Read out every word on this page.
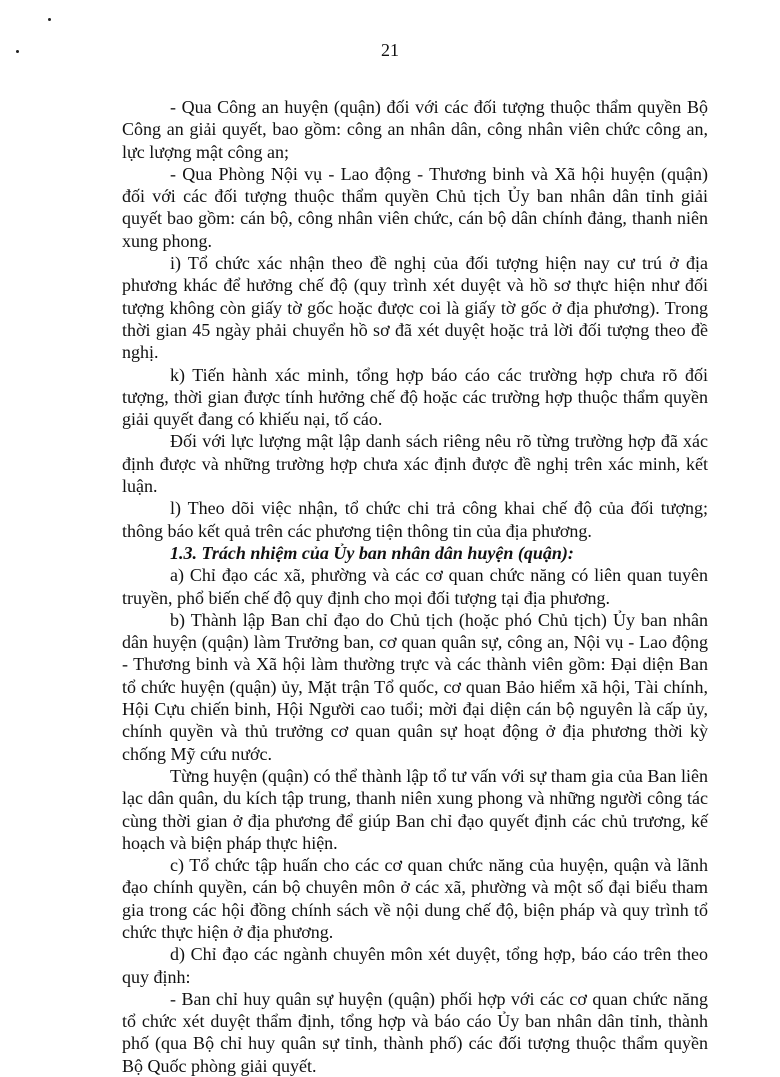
21

- Qua Công an huyện (quận) đối với các đối tượng thuộc thẩm quyền Bộ Công an giải quyết, bao gồm: công an nhân dân, công nhân viên chức công an, lực lượng mật công an;

- Qua Phòng Nội vụ - Lao động - Thương binh và Xã hội huyện (quận) đối với các đối tượng thuộc thẩm quyền Chủ tịch Ủy ban nhân dân tỉnh giải quyết bao gồm: cán bộ, công nhân viên chức, cán bộ dân chính đảng, thanh niên xung phong.

i) Tổ chức xác nhận theo đề nghị của đối tượng hiện nay cư trú ở địa phương khác để hưởng chế độ (quy trình xét duyệt và hồ sơ thực hiện như đối tượng không còn giấy tờ gốc hoặc được coi là giấy tờ gốc ở địa phương). Trong thời gian 45 ngày phải chuyển hồ sơ đã xét duyệt hoặc trả lời đối tượng theo đề nghị.

k) Tiến hành xác minh, tổng hợp báo cáo các trường hợp chưa rõ đối tượng, thời gian được tính hưởng chế độ hoặc các trường hợp thuộc thẩm quyền giải quyết đang có khiếu nại, tố cáo.

Đối với lực lượng mật lập danh sách riêng nêu rõ từng trường hợp đã xác định được và những trường hợp chưa xác định được đề nghị trên xác minh, kết luận.

l) Theo dõi việc nhận, tổ chức chi trả công khai chế độ của đối tượng; thông báo kết quả trên các phương tiện thông tin của địa phương.

1.3. Trách nhiệm của Ủy ban nhân dân huyện (quận):

a) Chỉ đạo các xã, phường và các cơ quan chức năng có liên quan tuyên truyền, phổ biến chế độ quy định cho mọi đối tượng tại địa phương.

b) Thành lập Ban chỉ đạo do Chủ tịch (hoặc phó Chủ tịch) Ủy ban nhân dân huyện (quận) làm Trưởng ban, cơ quan quân sự, công an, Nội vụ - Lao động - Thương binh và Xã hội làm thường trực và các thành viên gồm: Đại diện Ban tổ chức huyện (quận) ủy, Mặt trận Tổ quốc, cơ quan Bảo hiểm xã hội, Tài chính, Hội Cựu chiến binh, Hội Người cao tuổi; mời đại diện cán bộ nguyên là cấp ủy, chính quyền và thủ trưởng cơ quan quân sự hoạt động ở địa phương thời kỳ chống Mỹ cứu nước.

Từng huyện (quận) có thể thành lập tổ tư vấn với sự tham gia của Ban liên lạc dân quân, du kích tập trung, thanh niên xung phong và những người công tác cùng thời gian ở địa phương để giúp Ban chỉ đạo quyết định các chủ trương, kế hoạch và biện pháp thực hiện.

c) Tổ chức tập huấn cho các cơ quan chức năng của huyện, quận và lãnh đạo chính quyền, cán bộ chuyên môn ở các xã, phường và một số đại biểu tham gia trong các hội đồng chính sách về nội dung chế độ, biện pháp và quy trình tổ chức thực hiện ở địa phương.

d) Chỉ đạo các ngành chuyên môn xét duyệt, tổng hợp, báo cáo trên theo quy định:

- Ban chỉ huy quân sự huyện (quận) phối hợp với các cơ quan chức năng tổ chức xét duyệt thẩm định, tổng hợp và báo cáo Ủy ban nhân dân tỉnh, thành phố (qua Bộ chỉ huy quân sự tỉnh, thành phố) các đối tượng thuộc thẩm quyền Bộ Quốc phòng giải quyết.
